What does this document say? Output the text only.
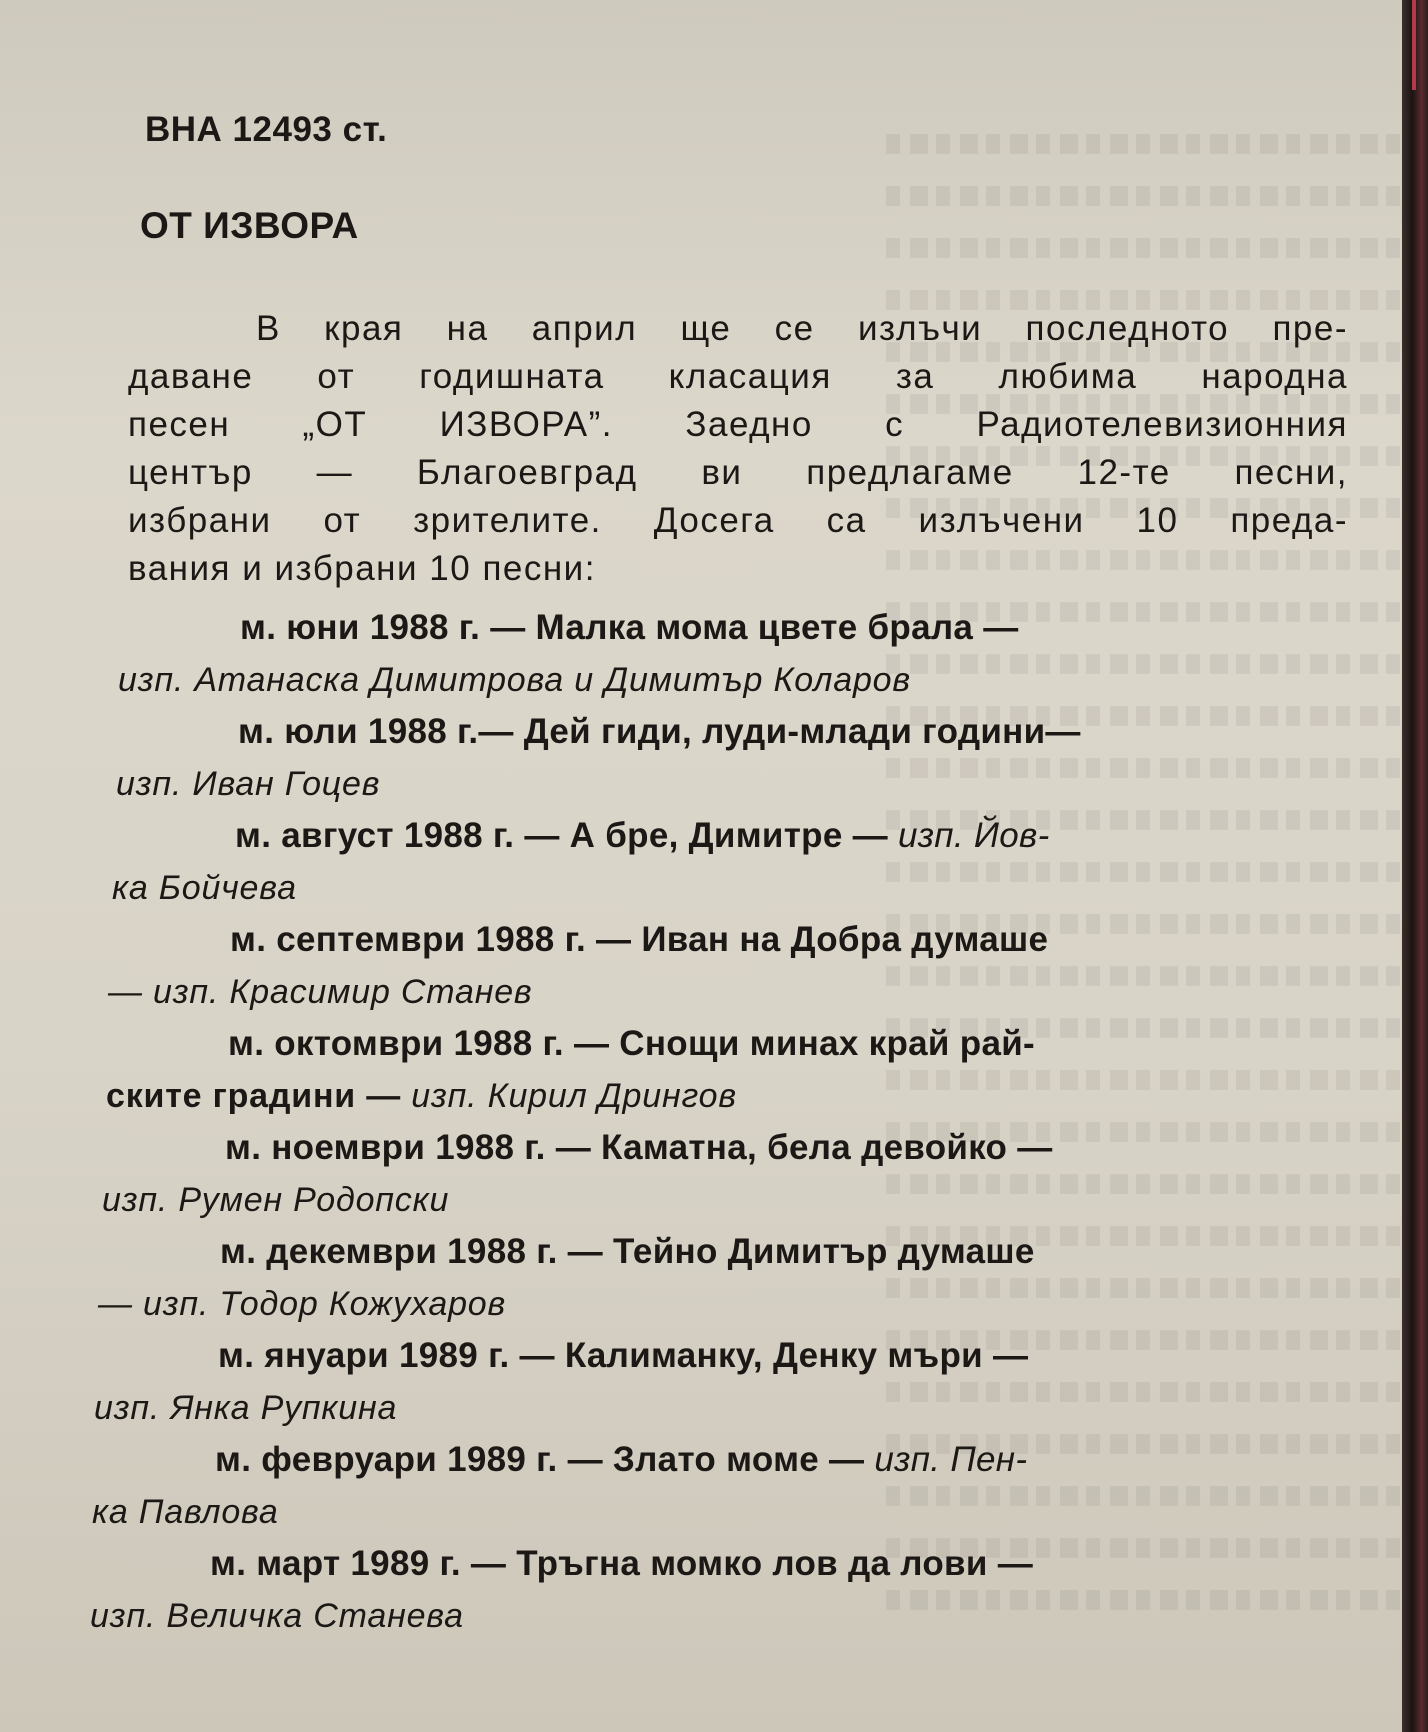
ВНА 12493 ст.

ОТ ИЗВОРА

В края на април ще се излъчи последното пре-
даване от годишната класация за любима народна
песен „ОТ ИЗВОРА”. Заедно с Радиотелевизионния
център — Благоевград ви предлагаме 12-те песни,
избрани от зрителите. Досега са излъчени 10 преда-
вания и избрани 10 песни:

м. юни 1988 г. — Малка мома цвете брала —
изп. Атанаска Димитрова и Димитър Коларов
м. юли 1988 г.— Дей гиди, луди-млади години—
изп. Иван Гоцев
м. август 1988 г. — А бре, Димитре — изп. Йов-
ка Бойчева
м. септември 1988 г. — Иван на Добра думаше
— изп. Красимир Станев
м. октомври 1988 г. — Снощи минах край рай-
ските градини — изп. Кирил Дрингов
м. ноември 1988 г. — Каматна, бела девойко —
изп. Румен Родопски
м. декември 1988 г. — Тейно Димитър думаше
— изп. Тодор Кожухаров
м. януари 1989 г. — Калиманку, Денку мъри —
изп. Янка Рупкина
м. февруари 1989 г. — Злато моме — изп. Пен-
ка Павлова
м. март 1989 г. — Тръгна момко лов да лови —
изп. Величка Станева
